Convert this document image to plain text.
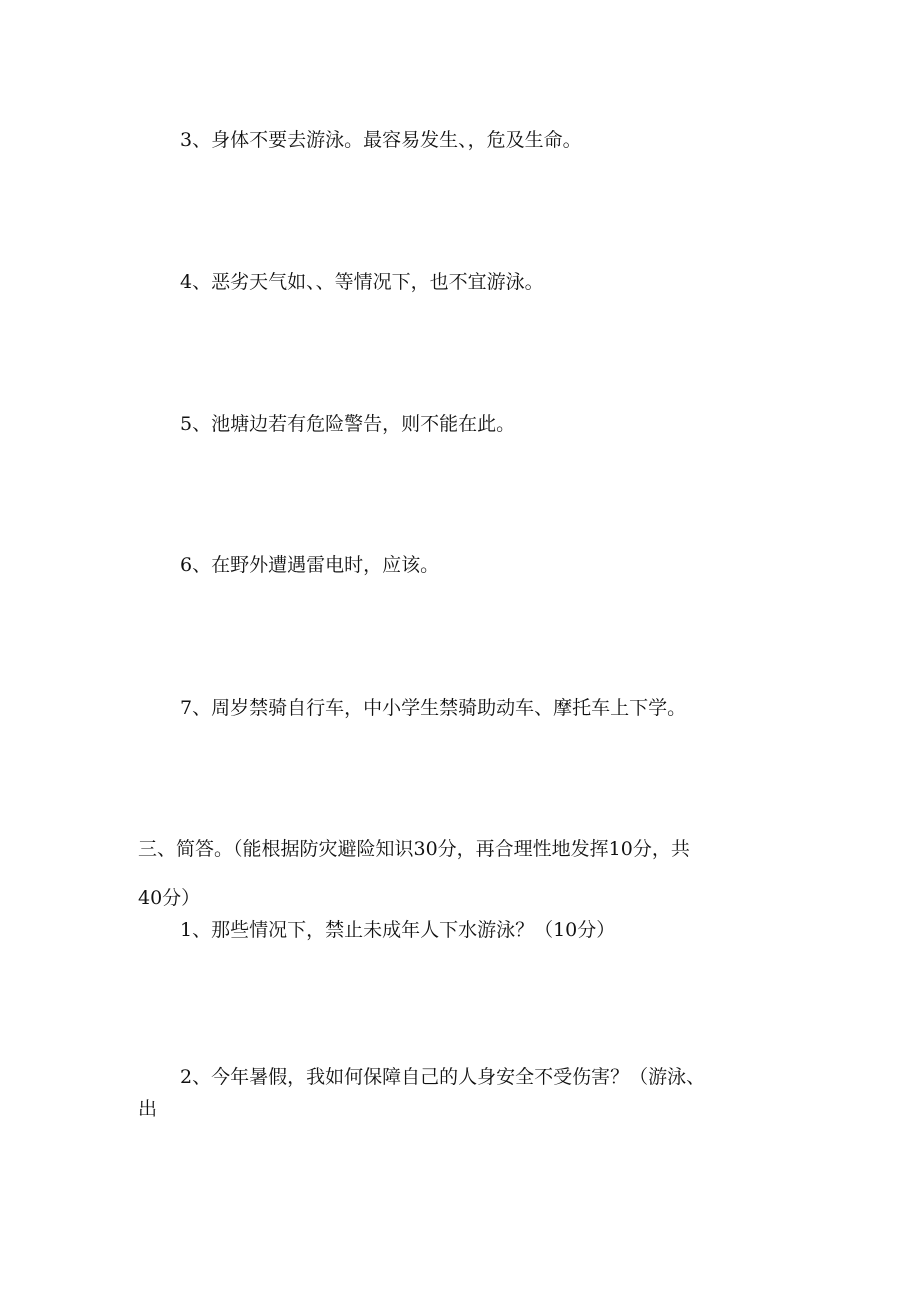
3、身体不要去游泳。最容易发生、，危及生命。

4、恶劣天气如、、等情况下，也不宜游泳。

5、池塘边若有危险警告，则不能在此。

6、在野外遭遇雷电时，应该。

7、周岁禁骑自行车，中小学生禁骑助动车、摩托车上下学。

三、简答。（能根据防灾避险知识30分，再合理性地发挥10分，共

40分）

1、那些情况下，禁止未成年人下水游泳？（10分）

2、今年暑假，我如何保障自己的人身安全不受伤害？（游泳、

出
